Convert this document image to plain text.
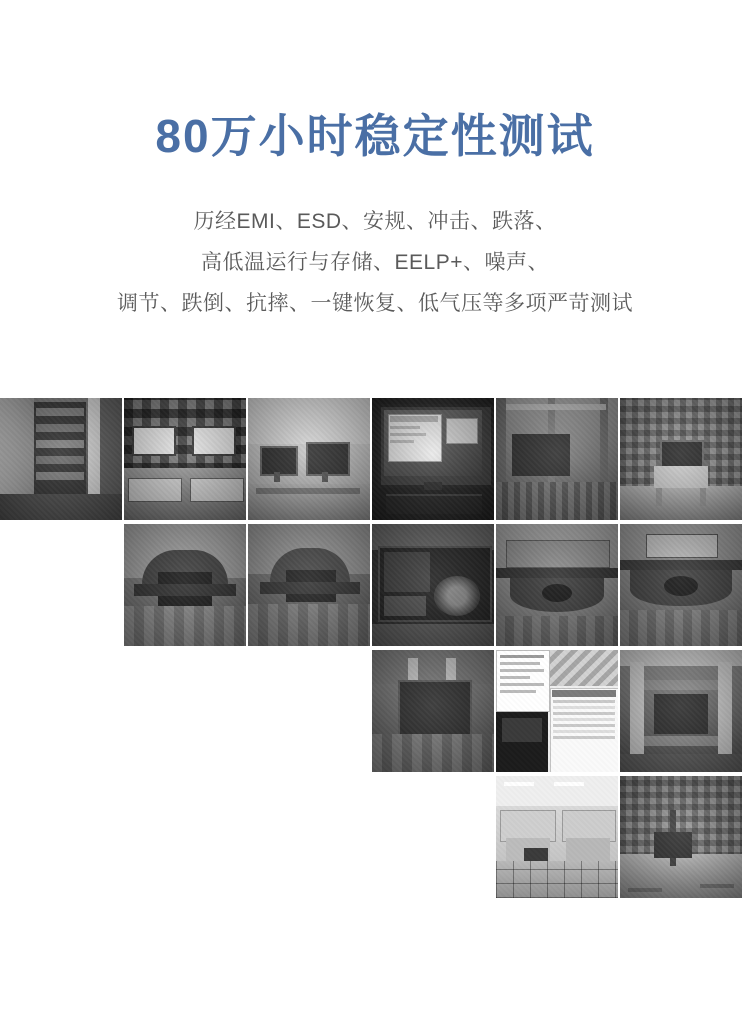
80万小时稳定性测试
历经EMI、ESD、安规、冲击、跌落、
高低温运行与存储、EELP+、噪声、
调节、跌倒、抗摔、一键恢复、低气压等多项严苛测试
